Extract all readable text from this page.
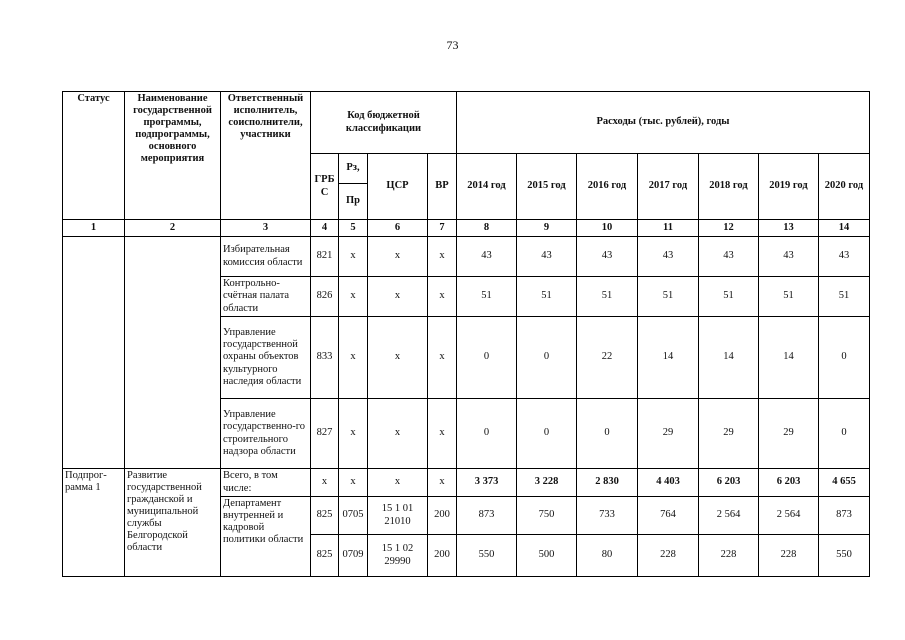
73
Статус	Наименование государственной программы, подпрограммы, основного мероприятия	Ответственный исполнитель, соисполнители, участники	Код бюджетной классификации				Расходы (тыс. рублей), годы						
			ГРБ С	Рз,	ЦСР	ВР	2014 год	2015 год	2016 год	2017 год	2018 год	2019 год	2020 год
				Пр									
1	2	3	4	5	6	7	8	9	10	11	12	13	14
		Избирательная комиссия области	821	х	х	х	43	43	43	43	43	43	43
		Контрольно-счётная палата области	826	х	х	х	51	51	51	51	51	51	51
		Управление государственной охраны объектов культурного наследия области	833	х	х	х	0	0	22	14	14	14	0
		Управление государственно-го строительного надзора области	827	х	х	х	0	0	0	29	29	29	0
Подпрог-рамма 1	Развитие государственной гражданской и муниципальной службы Белгородской области	Всего, в том числе:	х	х	х	х	3 373	3 228	2 830	4 403	6 203	6 203	4 655
		Департамент внутренней и кадровой политики области	825	0705	15 1 01 21010	200	873	750	733	764	2 564	2 564	873
			825	0709	15 1 02 29990	200	550	500	80	228	228	228	550
